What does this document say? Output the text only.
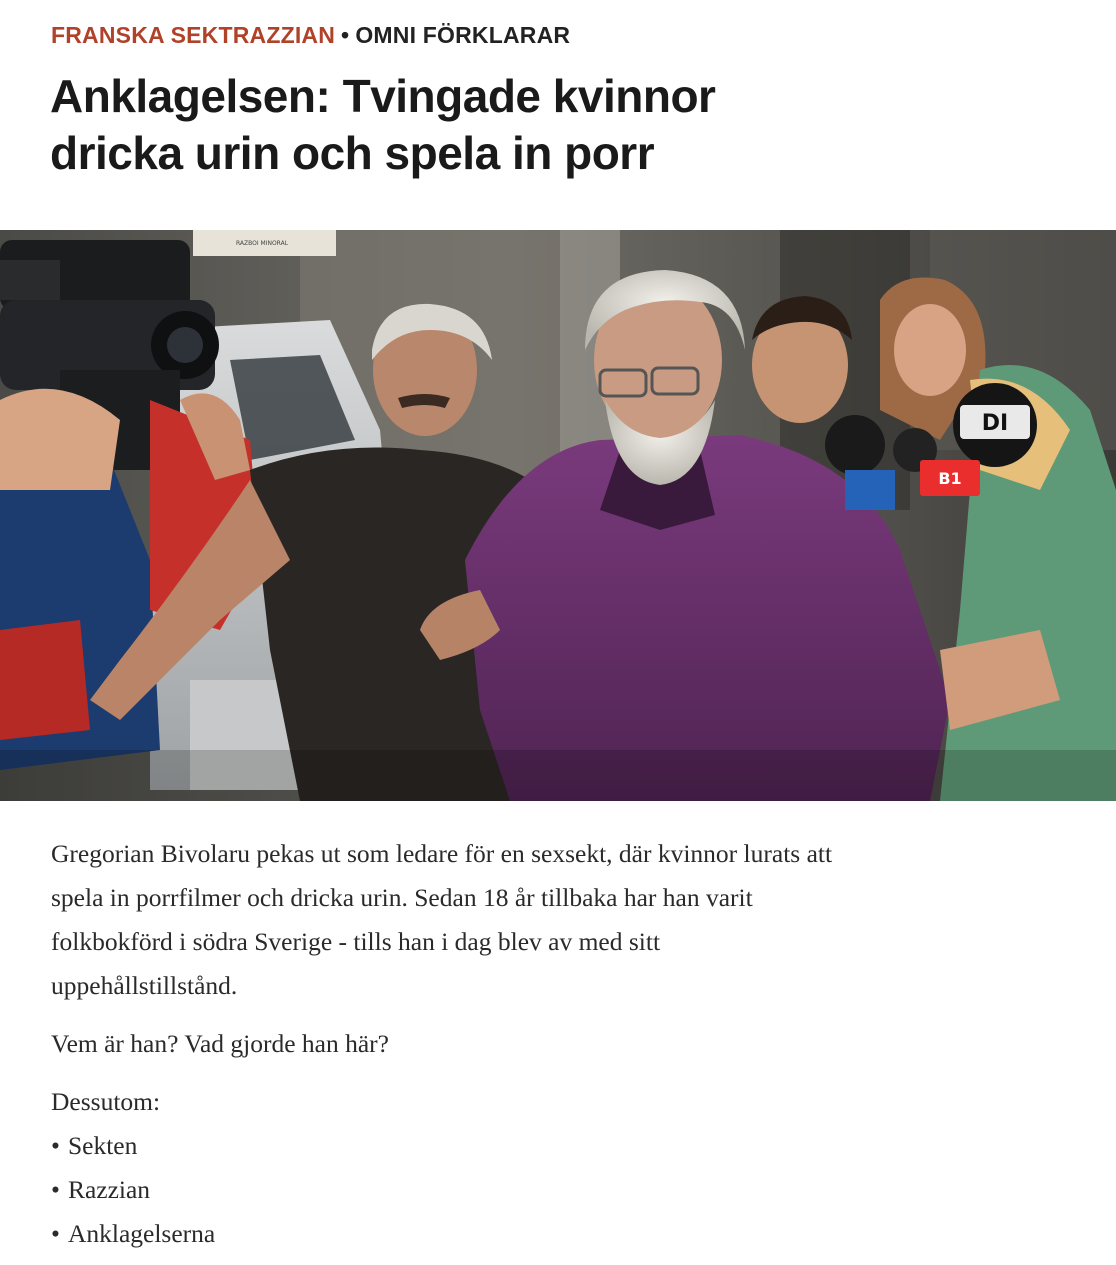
FRANSKA SEKTRAZZIAN • OMNI FÖRKLARAR
Anklagelsen: Tvingade kvinnor
dricka urin och spela in porr
RAZBOI MINORAL
DI
B1

Gregorian Bivolaru pekas ut som ledare för en sexsekt, där kvinnor lurats att
spela in porrfilmer och dricka urin. Sedan 18 år tillbaka har han varit
folkbokförd i södra Sverige - tills han i dag blev av med sitt
uppehållstillstånd.

Vem är han? Vad gjorde han här?

Dessutom:

• Sekten
• Razzian
• Anklagelserna
